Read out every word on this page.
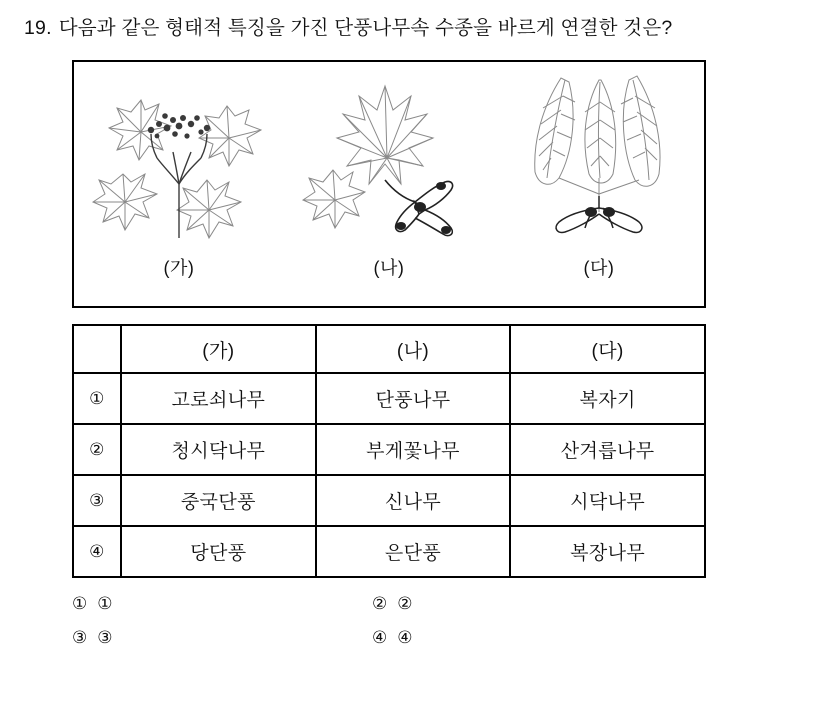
19. 다음과 같은 형태적 특징을 가진 단풍나무속 수종을 바르게 연결한 것은?
(가)	(나)	(다)
	(가)	(나)	(다)
①	고로쇠나무	단풍나무	복자기
②	청시닥나무	부게꽃나무	산겨릅나무
③	중국단풍	신나무	시닥나무
④	당단풍	은단풍	복장나무
① ①	② ②
③ ③	④ ④
